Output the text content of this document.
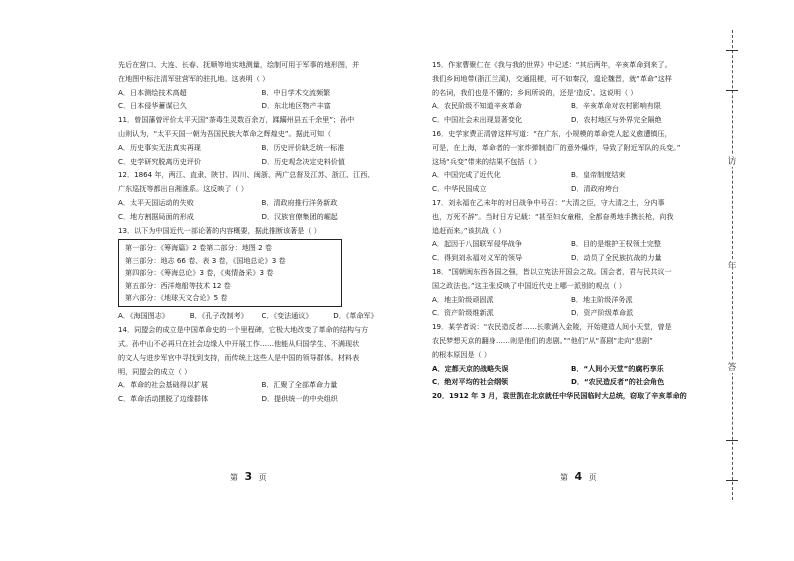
先后在营口、大连、长春、抚顺等地实地测量，绘制可用于军事的地形图，并
在地图中标注清军驻营军的驻扎地。这表明（ ）
A．日本测绘技术高超	B．中日学术交流频繁
C．日本侵华蓄谋已久	D．东北地区物产丰富
11．曾国藩曾评价太平天国“荼毒生灵数百余万，蹂躏州县五千余里”；孙中
山则认为，“太平天国一朝为吾国民族大革命之辉煌史”。据此可知（
A．历史事实无法真实再现	B．历史评价缺乏统一标准
C．史学研究脱离历史评价	D．历史观念决定史料价值
12．1864 年，两江、直隶、陕甘、四川、闽浙、两广总督及江苏、浙江、江西、
广东巡抚等都出自湘淮系。这反映了（ ）
A．太平天国运动的失败	B．清政府推行洋务新政
C．地方割据局面的形成	D．汉族官僚集团的崛起
13．以下为中国近代一部论著的内容概要，据此推断该著是（ ）
第一部分：《筹海篇》2 卷第二部分：地图 2 卷
第三部分：地志 66 卷、表 3 卷，《国地总论》3 卷
第四部分：《筹海总论》3 卷，《夷情备采》3 卷
第五部分：西洋炮船等技术 12 卷
第六部分：《地球天文合论》5 卷
A．《海国图志》	B．《孔子改制考》	C．《变法通议》	D．《革命军》
14．同盟会的成立是中国革命史的一个里程碑，它极大地改变了革命的结构与方
式。孙中山不必再只在社会边缘人中开展工作……他能从归国学生、不满现状
的文人与进步军官中寻找到支持，而传统上这些人是中国的领导群体。材料表
明，同盟会的成立（ ）
A．革命的社会基础得以扩展	B．汇聚了全部革命力量
C．革命活动摆脱了边缘群体	D．提供统一的中央组织
第 3 页
15．作家曹聚仁在《我与我的世界》中记述：“其后两年，辛亥革命到来了。
我们乡间地带(浙江兰溪)，交通阻梗，可不如秦汉，遑论魏晋，就“革命”这样
的名词，我们也是不懂的；乡间所说的，还是‘造反’。这说明（ ）
A．农民阶级不知道辛亥革命	B．辛亥革命对农村影响有限
C．中国社会未出现显著变化	D．农村地区与外界完全隔绝
16．史学家费正清曾这样写道：“在广东，小规模的革命党人起义愈遭镇压，
可是，在上海，革命者的一家炸弹制造厂的意外爆炸，导致了附近军队的兵变。”
这场“兵变”带来的结果不包括（ ）
A．中国完成了近代化	B．皇帝制度结束
C．中华民国成立	D．清政府垮台
17．刘永福在乙未年的对日战争中号召：“大清之臣，守大清之土，分内事
也，万死不辞”。当时日方记载：“甚至妇女童稚，全都奋勇地手携长枪，向我
追赶而来。”该抗战（ ）
A．起因于八国联军侵华战争	B．目的是维护王权领土完整
C．得到刘永福对义军的领导	D．动员了全民族抗战的力量
18．“国朝闽东西各国之强，皆以立宪法开国会之故。国会者，君与民共议一
国之政法也。”这主张反映了中国近代史上哪一派别的观点（ ）
A．地主阶级顽固派	B．地主阶级洋务派
C．资产阶级维新派	D．资产阶级革命派
19．某学者说：“农民造反者……长歌满入金陵，开始建造人间小天堂，曾是
农民梦想天京的翻身……则是他们的悲剧。”“他们”从“喜剧”走向“悲剧”
的根本原因是（ ）
A．定都天京的战略失误	B．“人间小天堂”的腐朽享乐
C．绝对平均的社会纲领	D．“农民造反者”的社会角色
20．1912 年 3 月，袁世凯在北京就任中华民国临时大总统，窃取了辛亥革命的
第 4 页
访
年
答
